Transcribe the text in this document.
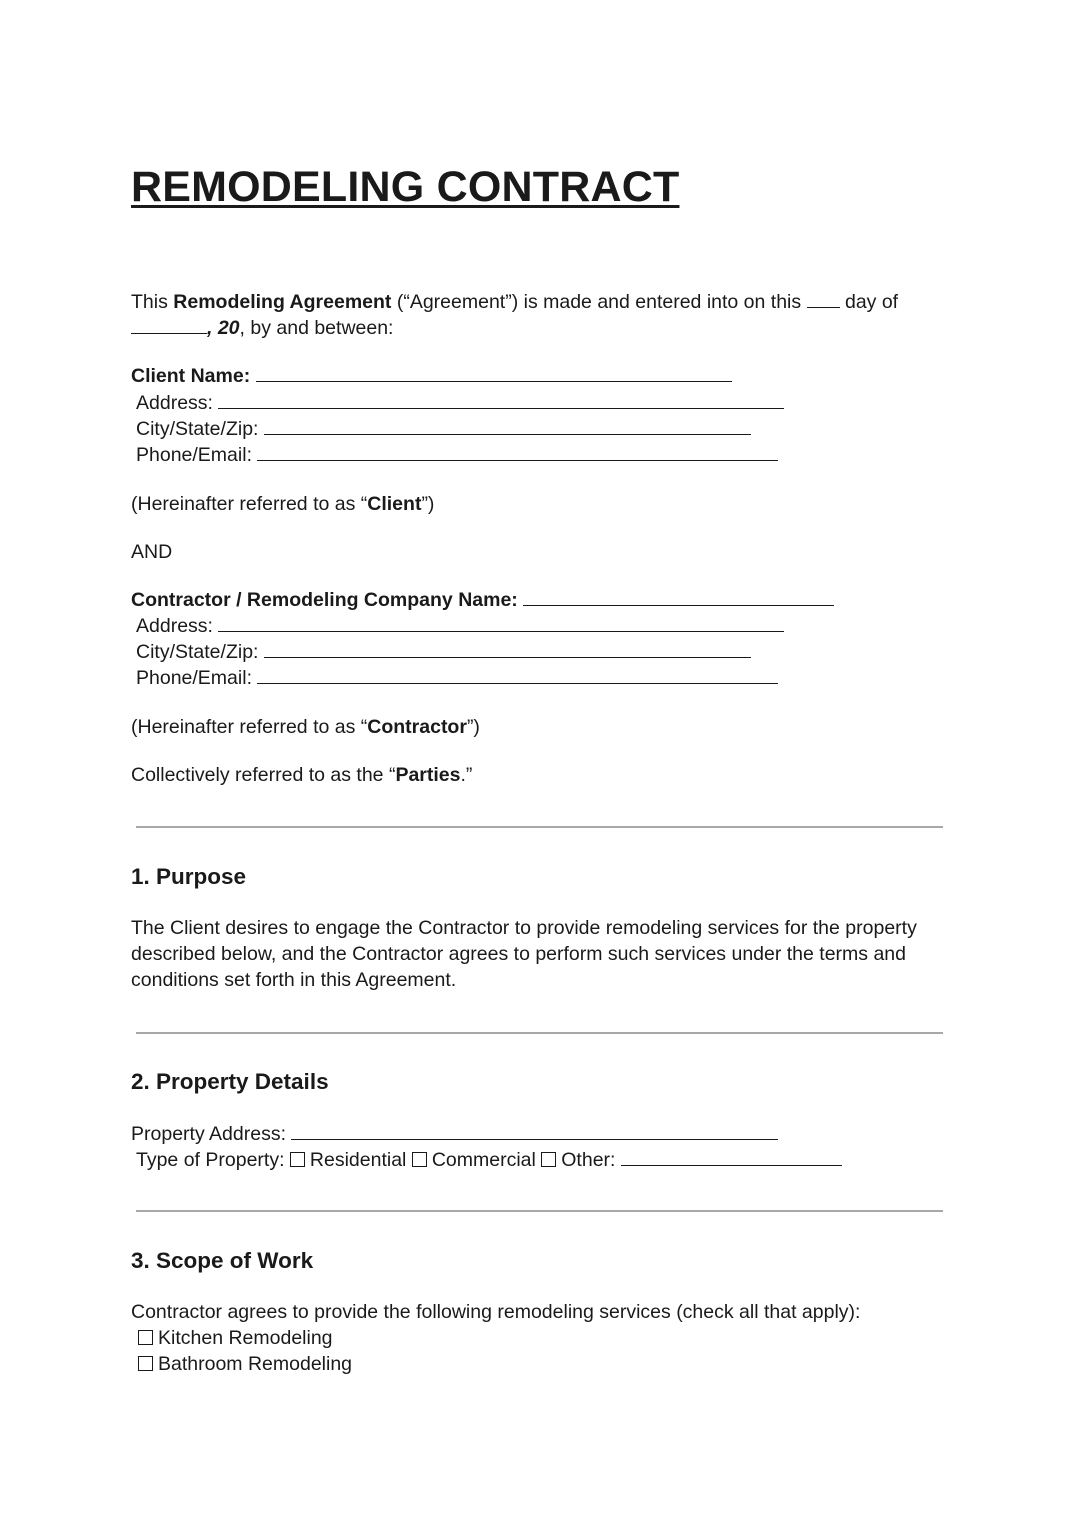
REMODELING CONTRACT
This Remodeling Agreement (“Agreement”) is made and entered into on this  day of
, 20, by and between:
Client Name:
Address:
City/State/Zip:
Phone/Email:
(Hereinafter referred to as “Client”)
AND
Contractor / Remodeling Company Name:
Address:
City/State/Zip:
Phone/Email:
(Hereinafter referred to as “Contractor”)
Collectively referred to as the “Parties.”
1. Purpose
The Client desires to engage the Contractor to provide remodeling services for the property
described below, and the Contractor agrees to perform such services under the terms and
conditions set forth in this Agreement.
2. Property Details
Property Address:
Type of Property: Residential Commercial Other:
3. Scope of Work
Contractor agrees to provide the following remodeling services (check all that apply):
Kitchen Remodeling
Bathroom Remodeling
